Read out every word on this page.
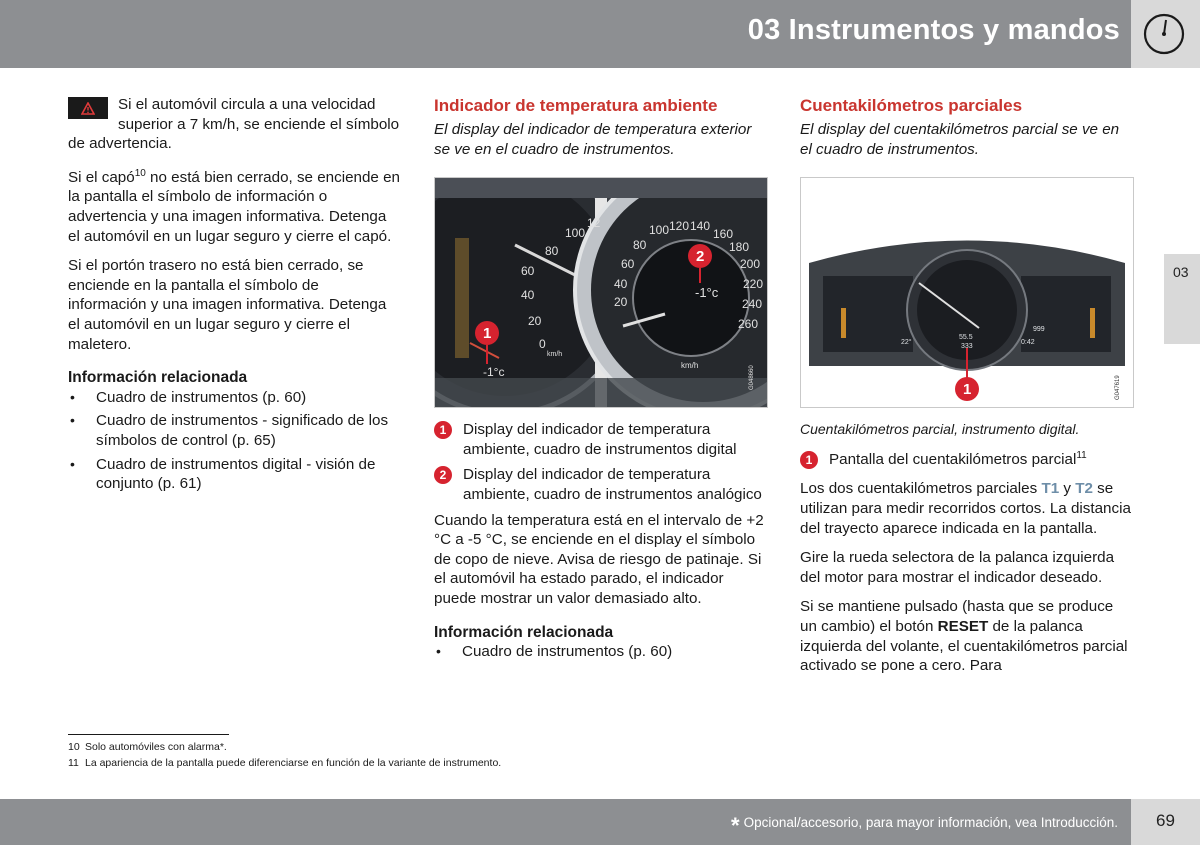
03 Instrumentos y mandos
03

Si el automóvil circula a una velocidad superior a 7 km/h, se enciende el símbolo de advertencia.

Si el capó$^{10}$ no está bien cerrado, se enciende en la pantalla el símbolo de información o advertencia y una imagen informativa. Detenga el automóvil en un lugar seguro y cierre el capó.

Si el portón trasero no está bien cerrado, se enciende en la pantalla el símbolo de información y una imagen informativa. Detenga el automóvil en un lugar seguro y cierre el maletero.

Información relacionada
• Cuadro de instrumentos (p. 60)
• Cuadro de instrumentos - significado de los símbolos de control (p. 65)
• Cuadro de instrumentos digital - visión de conjunto (p. 61)
Indicador de temperatura ambiente
El display del indicador de temperatura exterior se ve en el cuadro de instrumentos.
0
20
40
60
80
100
12
20
40
60
80
100 120 140
160
180
200
220
240
260
km/h
km/h
-1°c
-1°c
1
2
G048660
1	Display del indicador de temperatura ambiente, cuadro de instrumentos digital
2	Display del indicador de temperatura ambiente, cuadro de instrumentos analógico

Cuando la temperatura está en el intervalo de +2 °C a -5 °C, se enciende en el display el símbolo de copo de nieve. Avisa de riesgo de patinaje. Si el automóvil ha estado parado, el indicador puede mostrar un valor demasiado alto.

Información relacionada
• Cuadro de instrumentos (p. 60)
Cuentakilómetros parciales
El display del cuentakilómetros parcial se ve en el cuadro de instrumentos.
22°	0:42
55.5
333
999
1	G047619
Cuentakilómetros parcial, instrumento digital.
1	Pantalla del cuentakilómetros parcial$^{11}$

Los dos cuentakilómetros parciales T1 y T2 se utilizan para medir recorridos cortos. La distancia del trayecto aparece indicada en la pantalla.

Gire la rueda selectora de la palanca izquierda del motor para mostrar el indicador deseado.

Si se mantiene pulsado (hasta que se produce un cambio) el botón RESET de la palanca izquierda del volante, el cuentakilómetros parcial activado se pone a cero. Para

10 Solo automóviles con alarma*.
11 La apariencia de la pantalla puede diferenciarse en función de la variante de instrumento.
* Opcional/accesorio, para mayor información, vea Introducción.	69
